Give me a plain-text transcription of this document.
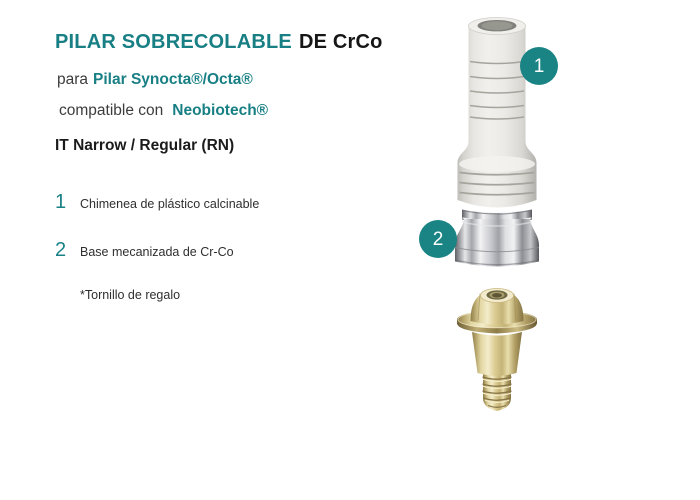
PILAR SOBRECOLABLE DE CrCo

para Pilar Synocta®/Octa®

compatible con Neobiotech®

IT Narrow / Regular (RN)

1	Chimenea de plástico calcinable
2	Base mecanizada de Cr-Co

*Tornillo de regalo

1
2
